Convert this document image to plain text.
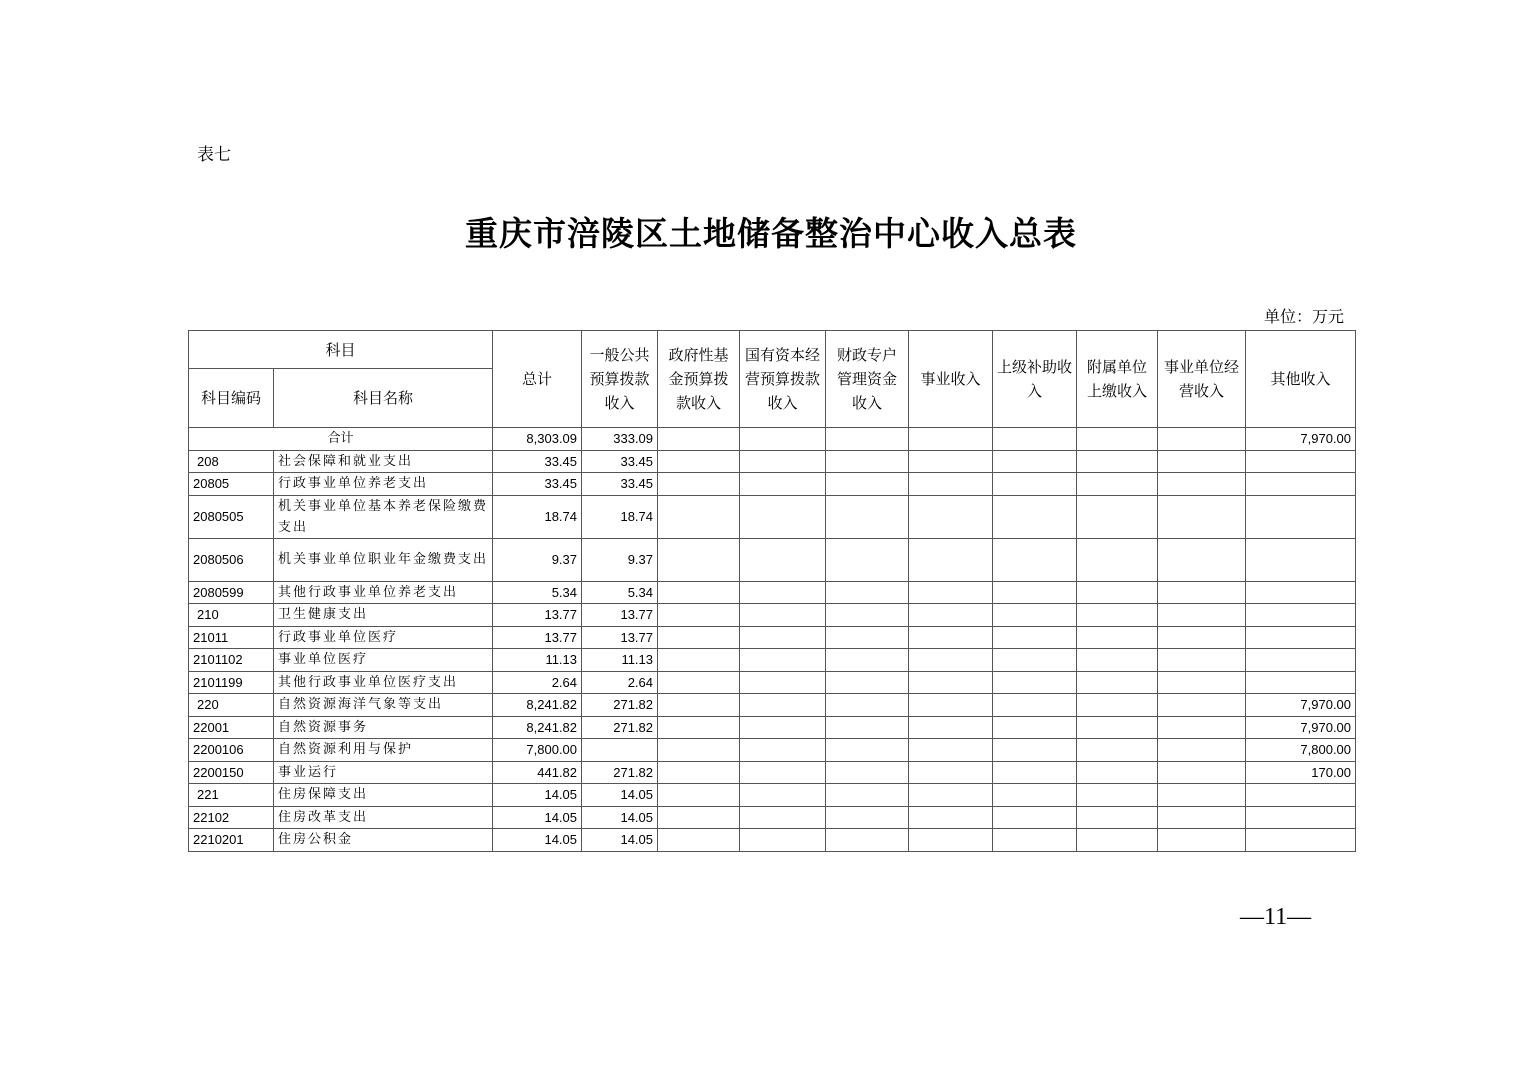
表七
重庆市涪陵区土地储备整治中心收入总表
单位：万元
科目		总计	一般公共预算拨款收入	政府性基金预算拨款收入	国有资本经营预算拨款收入	财政专户管理资金收入	事业收入	上级补助收入	附属单位上缴收入	事业单位经营收入	其他收入
科目编码	科目名称										
合计		8,303.09	333.09								7,970.00
208	社会保障和就业支出	33.45	33.45								
20805	行政事业单位养老支出	33.45	33.45								
2080505	机关事业单位基本养老保险缴费支出	18.74	18.74								
2080506	机关事业单位职业年金缴费支出	9.37	9.37								
2080599	其他行政事业单位养老支出	5.34	5.34								
210	卫生健康支出	13.77	13.77								
21011	行政事业单位医疗	13.77	13.77								
2101102	事业单位医疗	11.13	11.13								
2101199	其他行政事业单位医疗支出	2.64	2.64								
220	自然资源海洋气象等支出	8,241.82	271.82								7,970.00
22001	自然资源事务	8,241.82	271.82								7,970.00
2200106	自然资源利用与保护	7,800.00									7,800.00
2200150	事业运行	441.82	271.82								170.00
221	住房保障支出	14.05	14.05								
22102	住房改革支出	14.05	14.05								
2210201	住房公积金	14.05	14.05								
—11—
